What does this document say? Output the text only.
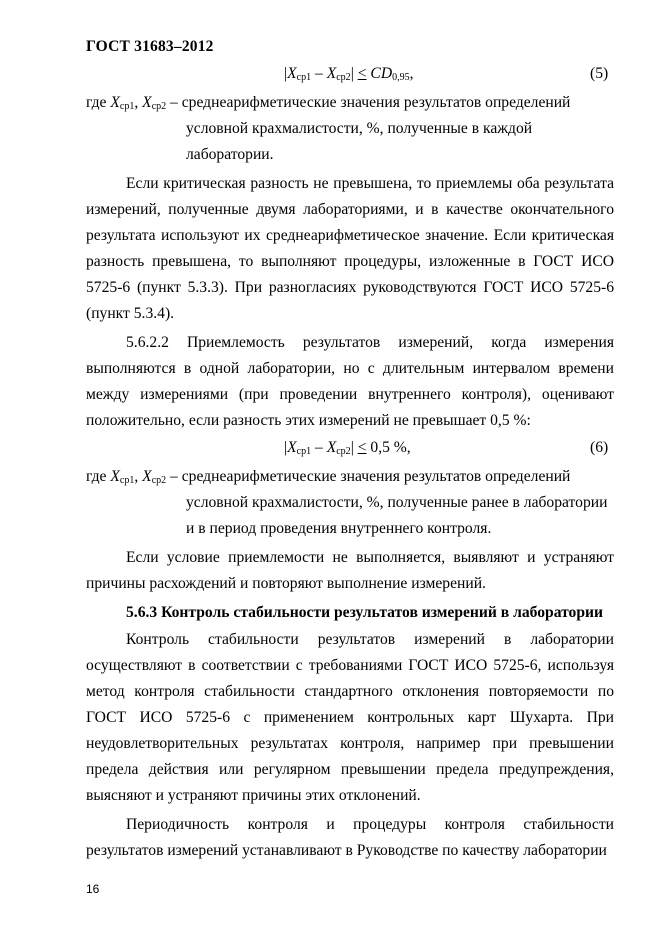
ГОСТ 31683–2012
$|X_{ср1} - X_{ср2}| < CD_{0,95}$,	(5)
где $X_{ср1}$, $X_{ср2}$ – среднеарифметические значения результатов определений
условной крахмалистости, %, полученные в каждой
лаборатории.
Если критическая разность не превышена, то приемлемы оба результата
измерений, полученные двумя лабораториями, и в качестве окончательного
результата используют их среднеарифметическое значение. Если критическая
разность превышена, то выполняют процедуры, изложенные в ГОСТ ИСО
5725-6 (пункт 5.3.3). При разногласиях руководствуются ГОСТ ИСО 5725-6
(пункт 5.3.4).
5.6.2.2 Приемлемость результатов измерений, когда измерения
выполняются в одной лаборатории, но с длительным интервалом времени
между измерениями (при проведении внутреннего контроля), оценивают
положительно, если разность этих измерений не превышает 0,5 %:
$|X_{ср1} - X_{ср2}| < 0,5$ %,	(6)
где $X_{ср1}$, $X_{ср2}$ – среднеарифметические значения результатов определений
условной крахмалистости, %, полученные ранее в лаборатории
и в период проведения внутреннего контроля.
Если условие приемлемости не выполняется, выявляют и устраняют
причины расхождений и повторяют выполнение измерений.
5.6.3 Контроль стабильности результатов измерений в лаборатории
Контроль стабильности результатов измерений в лаборатории
осуществляют в соответствии с требованиями ГОСТ ИСО 5725-6, используя
метод контроля стабильности стандартного отклонения повторяемости по
ГОСТ ИСО 5725-6 с применением контрольных карт Шухарта. При
неудовлетворительных результатах контроля, например при превышении
предела действия или регулярном превышении предела предупреждения,
выясняют и устраняют причины этих отклонений.
Периодичность контроля и процедуры контроля стабильности
результатов измерений устанавливают в Руководстве по качеству лаборатории
16
